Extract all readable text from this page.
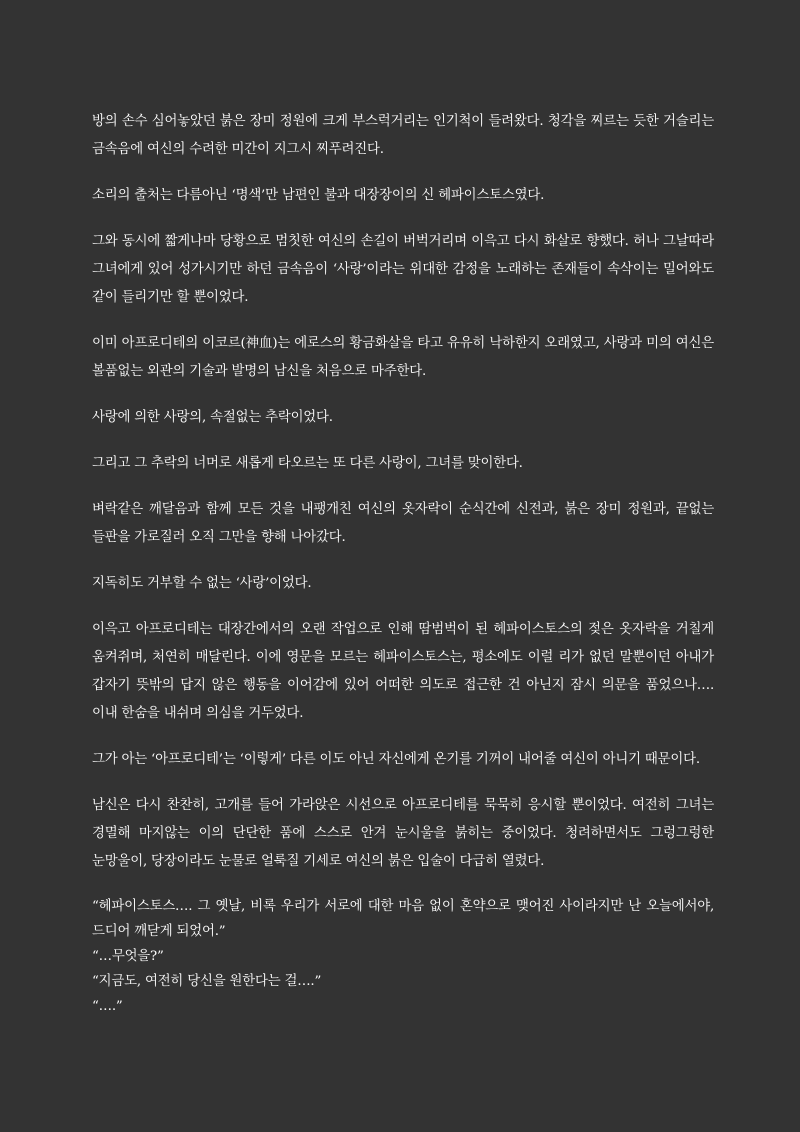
방의 손수 심어놓았던 붉은 장미 정원에 크게 부스럭거리는 인기척이 들려왔다. 청각을 찌르는 듯한 거슬리는 금속음에 여신의 수려한 미간이 지그시 찌푸려진다.

소리의 출처는 다름아닌 ‘명색’만 남편인 불과 대장장이의 신 헤파이스토스였다.

그와 동시에 짧게나마 당황으로 멈칫한 여신의 손길이 버벅거리며 이윽고 다시 화살로 향했다. 허나 그날따라 그녀에게 있어 성가시기만 하던 금속음이 ‘사랑’이라는 위대한 감정을 노래하는 존재들이 속삭이는 밀어와도 같이 들리기만 할 뿐이었다.

이미 아프로디테의 이코르(神血)는 에로스의 황금화살을 타고 유유히 낙하한지 오래였고, 사랑과 미의 여신은 볼품없는 외관의 기술과 발명의 남신을 처음으로 마주한다.

사랑에 의한 사랑의, 속절없는 추락이었다.

그리고 그 추락의 너머로 새롭게 타오르는 또 다른 사랑이, 그녀를 맞이한다.

벼락같은 깨달음과 함께 모든 것을 내팽개친 여신의 옷자락이 순식간에 신전과, 붉은 장미 정원과, 끝없는 들판을 가로질러 오직 그만을 향해 나아갔다.

지독히도 거부할 수 없는 ‘사랑’이었다.

이윽고 아프로디테는 대장간에서의 오랜 작업으로 인해 땀범벅이 된 헤파이스토스의 젖은 옷자락을 거칠게 움켜쥐며, 처연히 매달린다. 이에 영문을 모르는 헤파이스토스는, 평소에도 이럴 리가 없던 말뿐이던 아내가 갑자기 뜻밖의 답지 않은 행동을 이어감에 있어 어떠한 의도로 접근한 건 아닌지 잠시 의문을 품었으나…. 이내 한숨을 내쉬며 의심을 거두었다.

그가 아는 ‘아프로디테’는 ‘이렇게’ 다른 이도 아닌 자신에게 온기를 기꺼이 내어줄 여신이 아니기 때문이다.

남신은 다시 찬찬히, 고개를 들어 가라앉은 시선으로 아프로디테를 묵묵히 응시할 뿐이었다. 여전히 그녀는 경멸해 마지않는 이의 단단한 품에 스스로 안겨 눈시울을 붉히는 중이었다. 청려하면서도 그렁그렁한 눈망울이, 당장이라도 눈물로 얼룩질 기세로 여신의 붉은 입술이 다급히 열렸다.

“헤파이스토스…. 그 옛날, 비록 우리가 서로에 대한 마음 없이 혼약으로 맺어진 사이라지만 난 오늘에서야, 드디어 깨닫게 되었어.”

“…무엇을?”

“지금도, 여전히 당신을 원한다는 걸….”

“….”
